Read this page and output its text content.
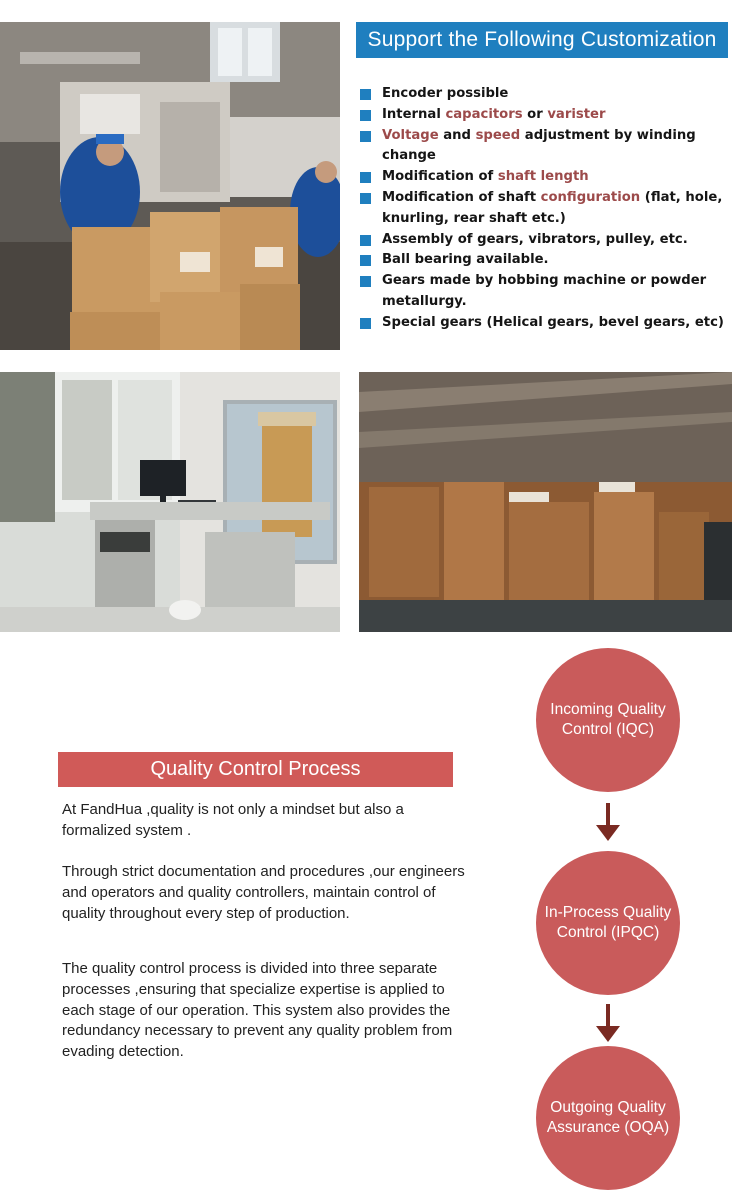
Support the Following Customization
Encoder possible
Internal capacitors or varister
Voltage and speed adjustment by winding change
Modification of shaft length
Modification of shaft configuration (flat, hole, knurling, rear shaft etc.)
Assembly of gears, vibrators, pulley, etc.
Ball bearing available.
Gears made by hobbing machine or powder metallurgy.
Special gears (Helical gears, bevel gears, etc)
Quality Control Process

At FandHua ,quality is not only a mindset but also a formalized system .

Through strict documentation and procedures ,our engineers and operators and quality controllers, maintain control of quality throughout every step of production.

The quality control process is divided into three separate processes ,ensuring that specialize expertise is applied to each stage of our operation. This system also provides the redundancy necessary to prevent any quality problem from evading detection.

Incoming Quality Control (IQC)
In-Process Quality Control (IPQC)
Outgoing Quality Assurance (OQA)
